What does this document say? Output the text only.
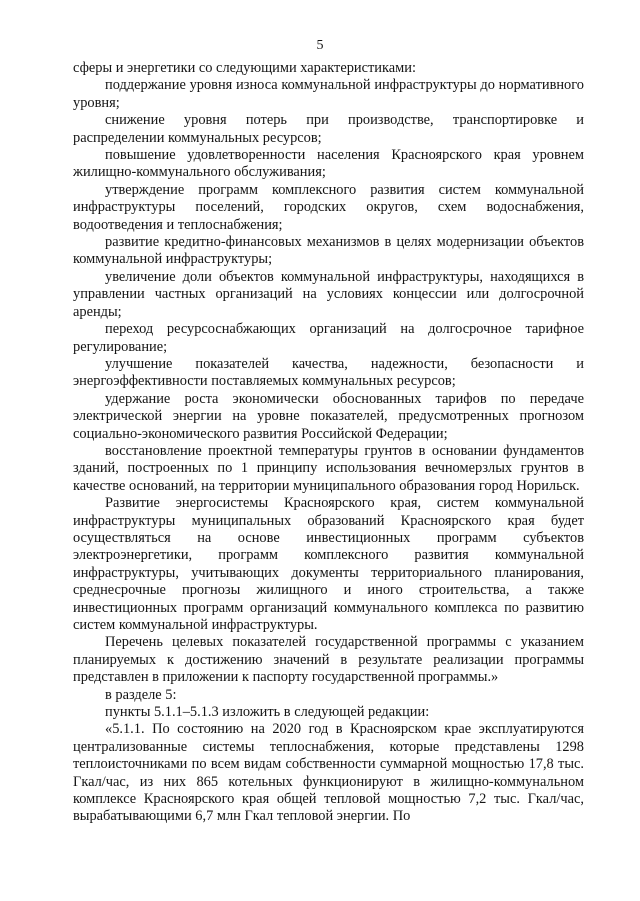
5

сферы и энергетики со следующими характеристиками:

поддержание уровня износа коммунальной инфраструктуры до нормативного уровня;

снижение уровня потерь при производстве, транспортировке и распределении коммунальных ресурсов;

повышение удовлетворенности населения Красноярского края уровнем жилищно-коммунального обслуживания;

утверждение программ комплексного развития систем коммунальной инфраструктуры поселений, городских округов, схем водоснабжения, водоотведения и теплоснабжения;

развитие кредитно-финансовых механизмов в целях модернизации объектов коммунальной инфраструктуры;

увеличение доли объектов коммунальной инфраструктуры, находящихся в управлении частных организаций на условиях концессии или долгосрочной аренды;

переход ресурсоснабжающих организаций на долгосрочное тарифное регулирование;

улучшение показателей качества, надежности, безопасности и энергоэффективности поставляемых коммунальных ресурсов;

удержание роста экономически обоснованных тарифов по передаче электрической энергии на уровне показателей, предусмотренных прогнозом социально-экономического развития Российской Федерации;

восстановление проектной температуры грунтов в основании фундаментов зданий, построенных по 1 принципу использования вечномерзлых грунтов в качестве оснований, на территории муниципального образования город Норильск.

Развитие энергосистемы Красноярского края, систем коммунальной инфраструктуры муниципальных образований Красноярского края будет осуществляться на основе инвестиционных программ субъектов электроэнергетики, программ комплексного развития коммунальной инфраструктуры, учитывающих документы территориального планирования, среднесрочные прогнозы жилищного и иного строительства, а также инвестиционных программ организаций коммунального комплекса по развитию систем коммунальной инфраструктуры.

Перечень целевых показателей государственной программы с указанием планируемых к достижению значений в результате реализации программы представлен в приложении к паспорту государственной программы.»

в разделе 5:

пункты 5.1.1–5.1.3 изложить в следующей редакции:

«5.1.1. По состоянию на 2020 год в Красноярском крае эксплуатируются централизованные системы теплоснабжения, которые представлены 1298 теплоисточниками по всем видам собственности суммарной мощностью 17,8 тыс. Гкал/час, из них 865 котельных функционируют в жилищно-коммунальном комплексе Красноярского края общей тепловой мощностью 7,2 тыс. Гкал/час, вырабатывающими 6,7 млн Гкал тепловой энергии. По
